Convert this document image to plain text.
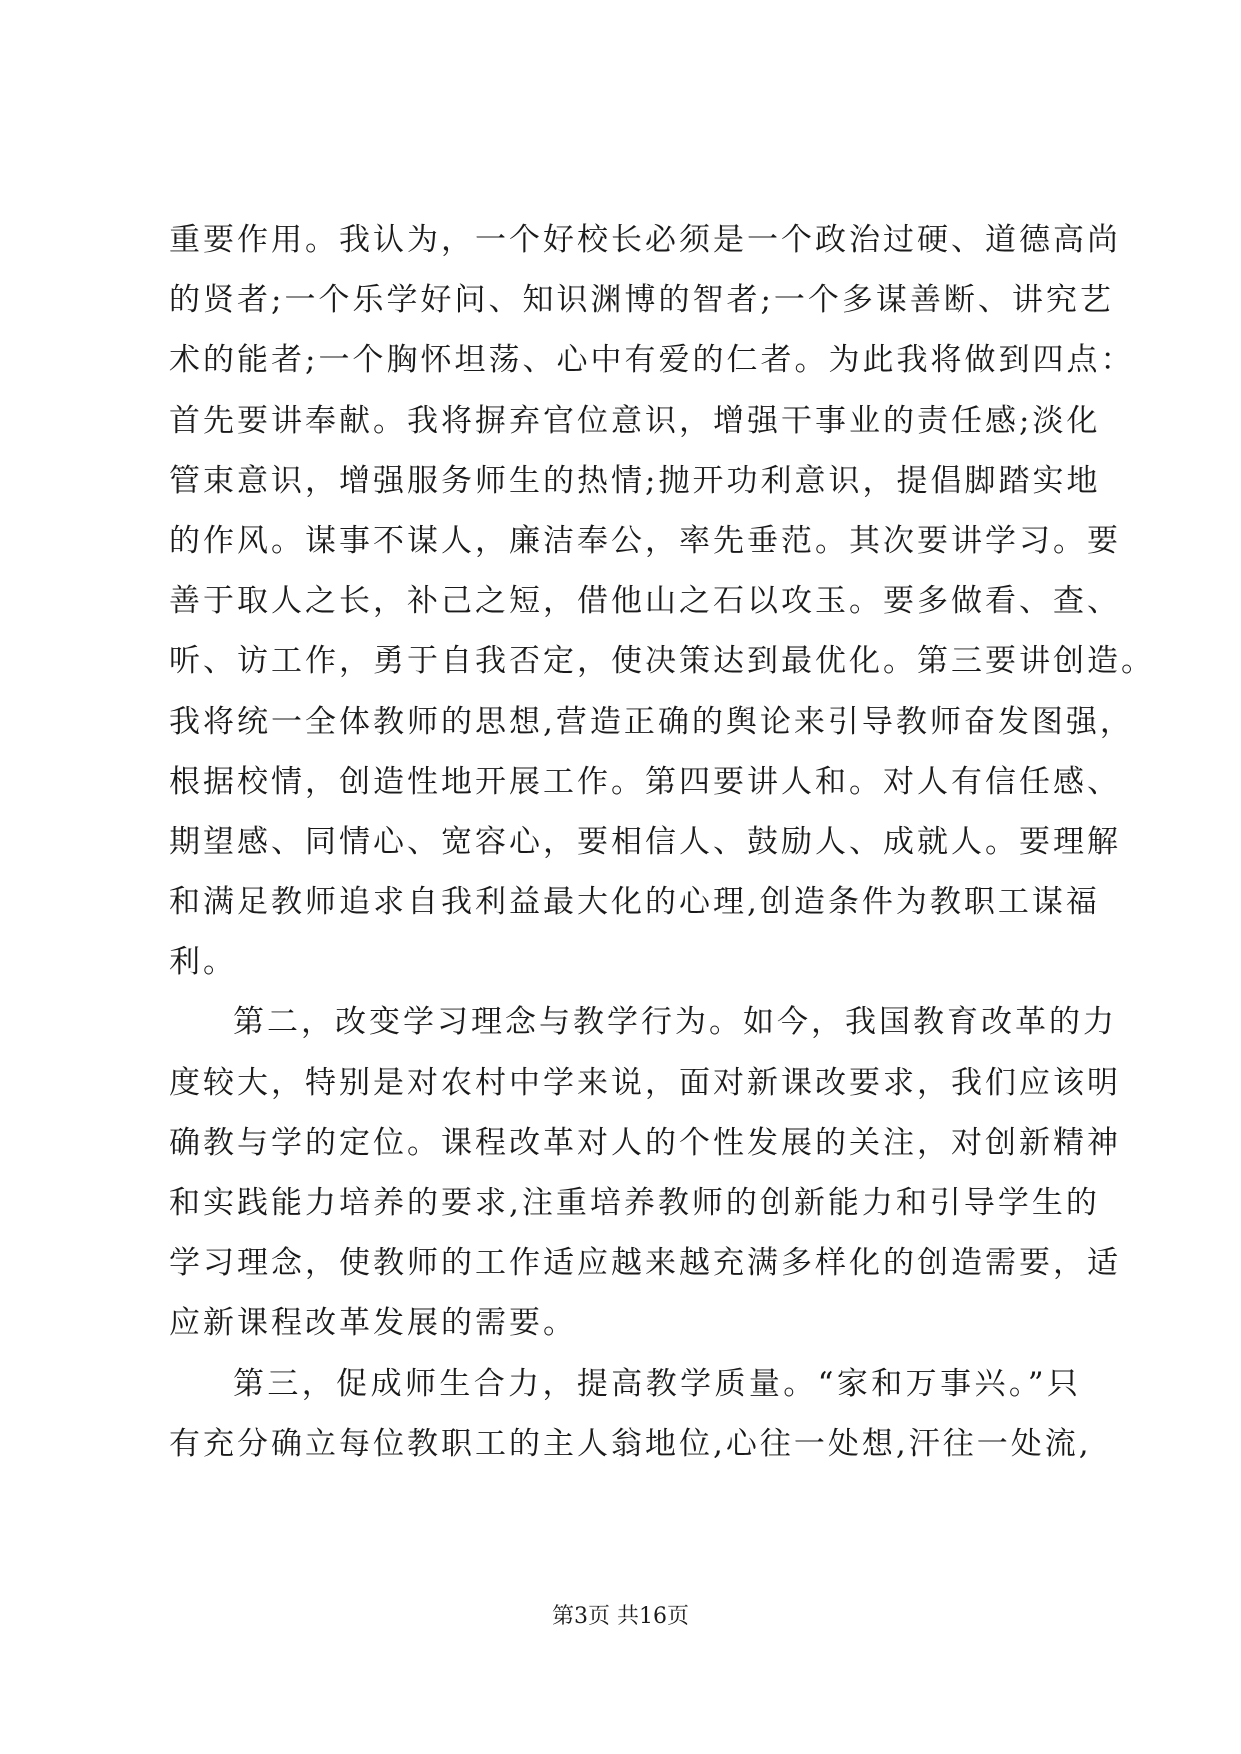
重要作用。我认为，一个好校长必须是一个政治过硬、道德高尚
的贤者;一个乐学好问、知识渊博的智者;一个多谋善断、讲究艺
术的能者;一个胸怀坦荡、心中有爱的仁者。为此我将做到四点：
首先要讲奉献。我将摒弃官位意识，增强干事业的责任感;淡化
管束意识，增强服务师生的热情;抛开功利意识，提倡脚踏实地
的作风。谋事不谋人，廉洁奉公，率先垂范。其次要讲学习。要
善于取人之长，补己之短，借他山之石以攻玉。要多做看、查、
听、访工作，勇于自我否定，使决策达到最优化。第三要讲创造。
我将统一全体教师的思想,营造正确的舆论来引导教师奋发图强，
根据校情，创造性地开展工作。第四要讲人和。对人有信任感、
期望感、同情心、宽容心，要相信人、鼓励人、成就人。要理解
和满足教师追求自我利益最大化的心理,创造条件为教职工谋福
利。
第二，改变学习理念与教学行为。如今，我国教育改革的力
度较大，特别是对农村中学来说，面对新课改要求，我们应该明
确教与学的定位。课程改革对人的个性发展的关注，对创新精神
和实践能力培养的要求,注重培养教师的创新能力和引导学生的
学习理念，使教师的工作适应越来越充满多样化的创造需要，适
应新课程改革发展的需要。
第三，促成师生合力，提高教学质量。“家和万事兴。”只
有充分确立每位教职工的主人翁地位,心往一处想,汗往一处流,
第3页 共16页
